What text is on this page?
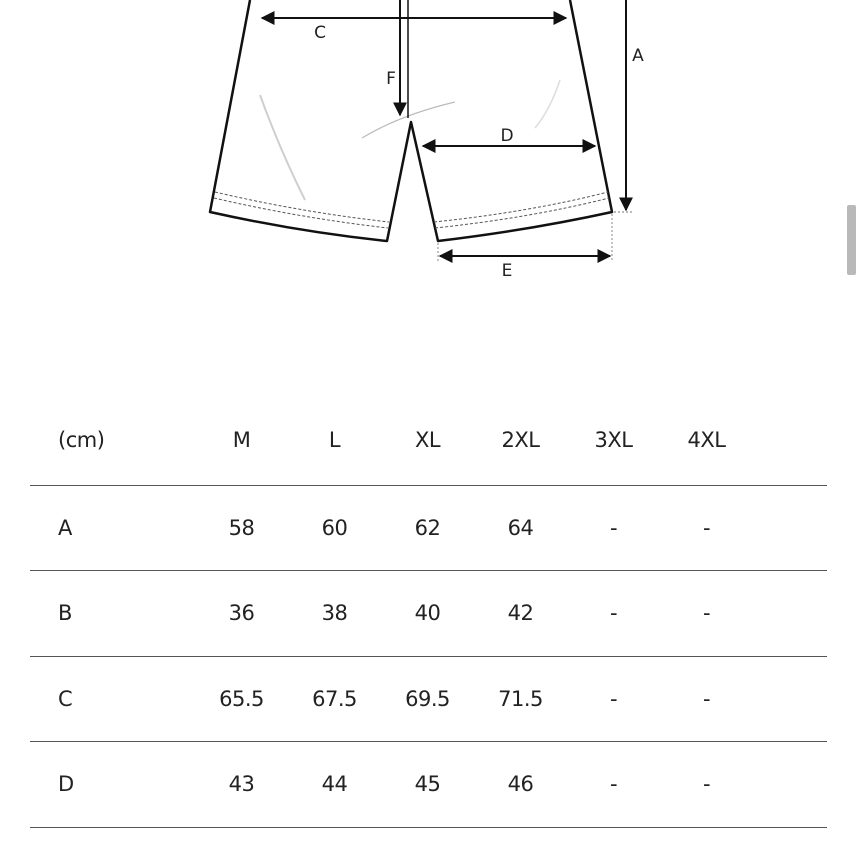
C
F
A
D
E
(cm)	M	L	XL	2XL	3XL	4XL	
A	58	60	62	64	-	-	
B	36	38	40	42	-	-	
C	65.5	67.5	69.5	71.5	-	-	
D	43	44	45	46	-	-	
